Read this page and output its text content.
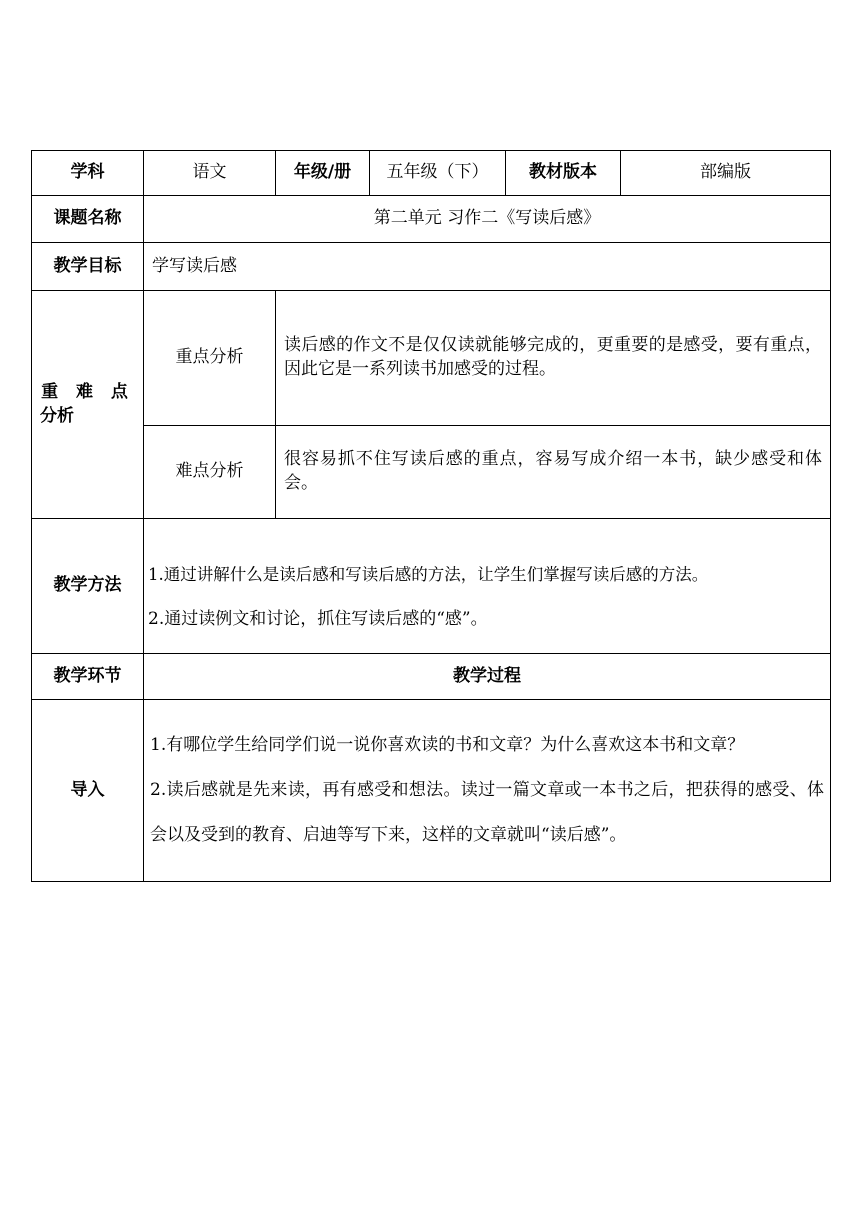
学科	语文	年级/册	五年级（下）	教材版本	部编版
课题名称	第二单元 习作二《写读后感》				
教学目标	学写读后感				

重 难 点
分析	重点分析	读后感的作文不是仅仅读就能够完成的，更重要的是感受，要有重点，因此它是一系列读书加感受的过程。			
	难点分析	很容易抓不住写读后感的重点，容易写成介绍一本书，缺少感受和体会。			
教学方法	1.通过讲解什么是读后感和写读后感的方法，让学生们掌握写读后感的方法。
2.通过读例文和讨论，抓住写读后感的“感”。				

教学环节	教学过程				
导入	1.有哪位学生给同学们说一说你喜欢读的书和文章？为什么喜欢这本书和文章？
2.读后感就是先来读，再有感受和想法。读过一篇文章或一本书之后，把获得的感受、体会以及受到的教育、启迪等写下来，这样的文章就叫“读后感”。				
